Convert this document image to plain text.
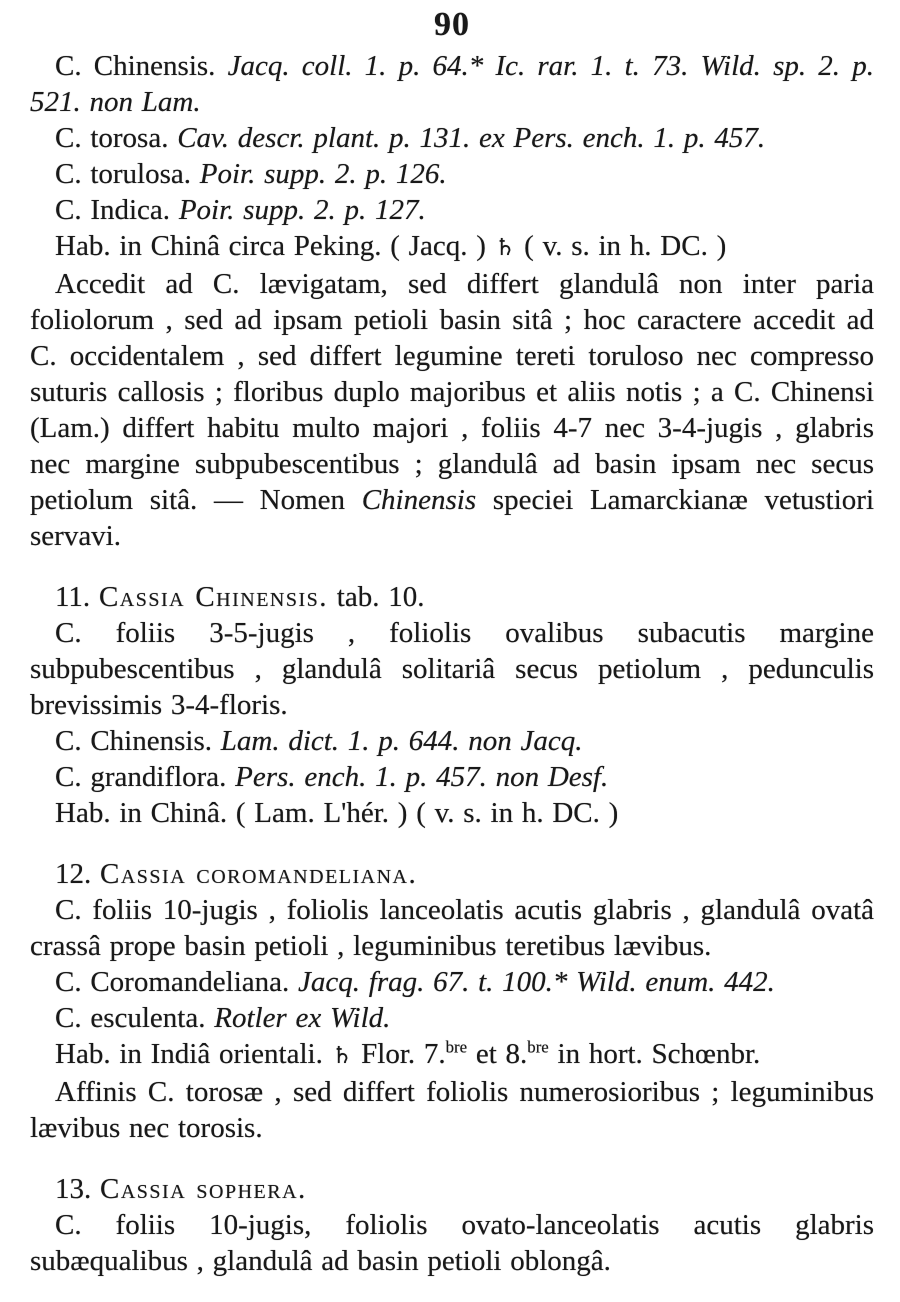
90

C. Chinensis. Jacq. coll. 1. p. 64.* Ic. rar. 1. t. 73. Wild. sp. 2. p. 521. non Lam.

C. torosa. Cav. descr. plant. p. 131. ex Pers. ench. 1. p. 457.

C. torulosa. Poir. supp. 2. p. 126.

C. Indica. Poir. supp. 2. p. 127.

Hab. in Chinâ circa Peking. ( Jacq. ) ♄ ( v. s. in h. DC. )

Accedit ad C. lævigatam, sed differt glandulâ non inter paria foliolorum , sed ad ipsam petioli basin sitâ ; hoc caractere accedit ad C. occidentalem , sed differt legumine tereti toruloso nec compresso suturis callosis ; floribus duplo majoribus et aliis notis ; a C. Chinensi (Lam.) differt habitu multo majori , foliis 4-7 nec 3-4-jugis , glabris nec margine subpubescentibus ; glandulâ ad basin ipsam nec secus petiolum sitâ. — Nomen Chinensis speciei Lamarckianæ vetustiori servavi.

11. Cassia Chinensis. tab. 10.

C. foliis 3-5-jugis , foliolis ovalibus subacutis margine subpubescentibus , glandulâ solitariâ secus petiolum , pedunculis brevissimis 3-4-floris.

C. Chinensis. Lam. dict. 1. p. 644. non Jacq.

C. grandiflora. Pers. ench. 1. p. 457. non Desf.

Hab. in Chinâ. ( Lam. L'hér. ) ( v. s. in h. DC. )

12. Cassia coromandeliana.

C. foliis 10-jugis , foliolis lanceolatis acutis glabris , glandulâ ovatâ crassâ prope basin petioli , leguminibus teretibus lævibus.

C. Coromandeliana. Jacq. frag. 67. t. 100.* Wild. enum. 442.

C. esculenta. Rotler ex Wild.

Hab. in Indiâ orientali. ♄ Flor. 7.$^{bre}$ et 8.$^{bre}$ in hort. Schœnbr.

Affinis C. torosæ , sed differt foliolis numerosioribus ; leguminibus lævibus nec torosis.

13. Cassia sophera.

C. foliis 10-jugis, foliolis ovato-lanceolatis acutis glabris subæqualibus , glandulâ ad basin petioli oblongâ.
